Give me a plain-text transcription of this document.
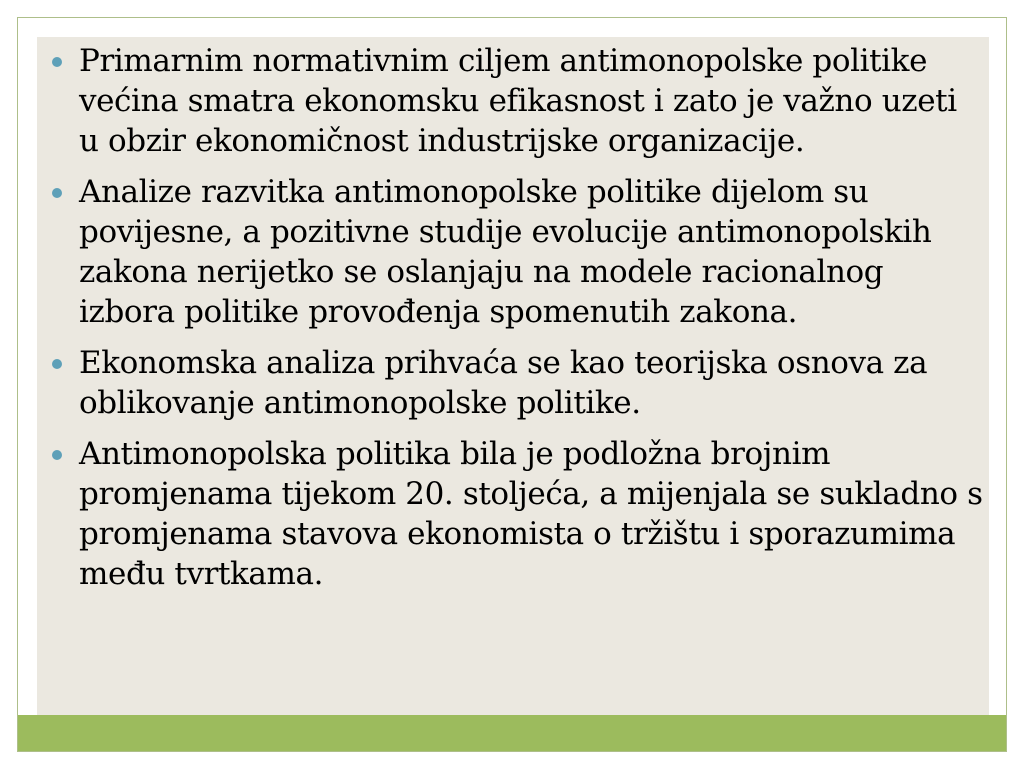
Primarnim normativnim ciljem antimonopolske politike većina smatra ekonomsku efikasnost i zato je važno uzeti u obzir ekonomičnost industrijske organizacije.
Analize razvitka antimonopolske politike dijelom su povijesne, a pozitivne studije evolucije antimonopolskih zakona nerijetko se oslanjaju na modele racionalnog izbora politike provođenja spomenutih zakona.
Ekonomska analiza prihvaća se kao teorijska osnova za oblikovanje antimonopolske politike.
Antimonopolska politika bila je podložna brojnim promjenama tijekom 20. stoljeća, a mijenjala se sukladno s promjenama stavova ekonomista o tržištu i sporazumima među tvrtkama.
